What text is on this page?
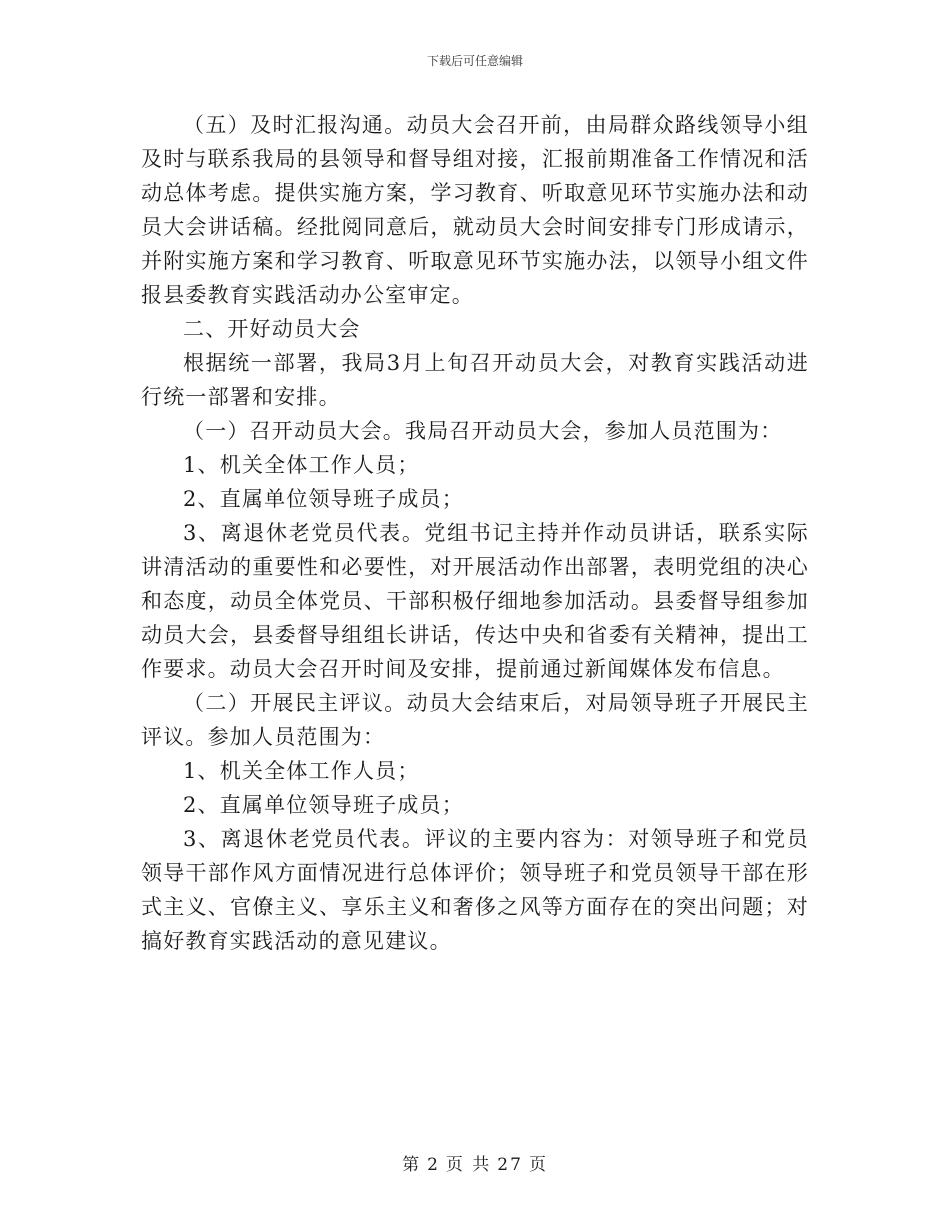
下载后可任意编辑

（五）及时汇报沟通。动员大会召开前，由局群众路线领导小组及时与联系我局的县领导和督导组对接，汇报前期准备工作情况和活动总体考虑。提供实施方案，学习教育、听取意见环节实施办法和动员大会讲话稿。经批阅同意后，就动员大会时间安排专门形成请示，并附实施方案和学习教育、听取意见环节实施办法，以领导小组文件报县委教育实践活动办公室审定。

二、开好动员大会

根据统一部署，我局3月上旬召开动员大会，对教育实践活动进行统一部署和安排。

（一）召开动员大会。我局召开动员大会，参加人员范围为：

1、机关全体工作人员；

2、直属单位领导班子成员；

3、离退休老党员代表。党组书记主持并作动员讲话，联系实际讲清活动的重要性和必要性，对开展活动作出部署，表明党组的决心和态度，动员全体党员、干部积极仔细地参加活动。县委督导组参加动员大会，县委督导组组长讲话，传达中央和省委有关精神，提出工作要求。动员大会召开时间及安排，提前通过新闻媒体发布信息。

（二）开展民主评议。动员大会结束后，对局领导班子开展民主评议。参加人员范围为：

1、机关全体工作人员；

2、直属单位领导班子成员；

3、离退休老党员代表。评议的主要内容为：对领导班子和党员领导干部作风方面情况进行总体评价；领导班子和党员领导干部在形式主义、官僚主义、享乐主义和奢侈之风等方面存在的突出问题；对搞好教育实践活动的意见建议。

第 2 页 共 27 页
